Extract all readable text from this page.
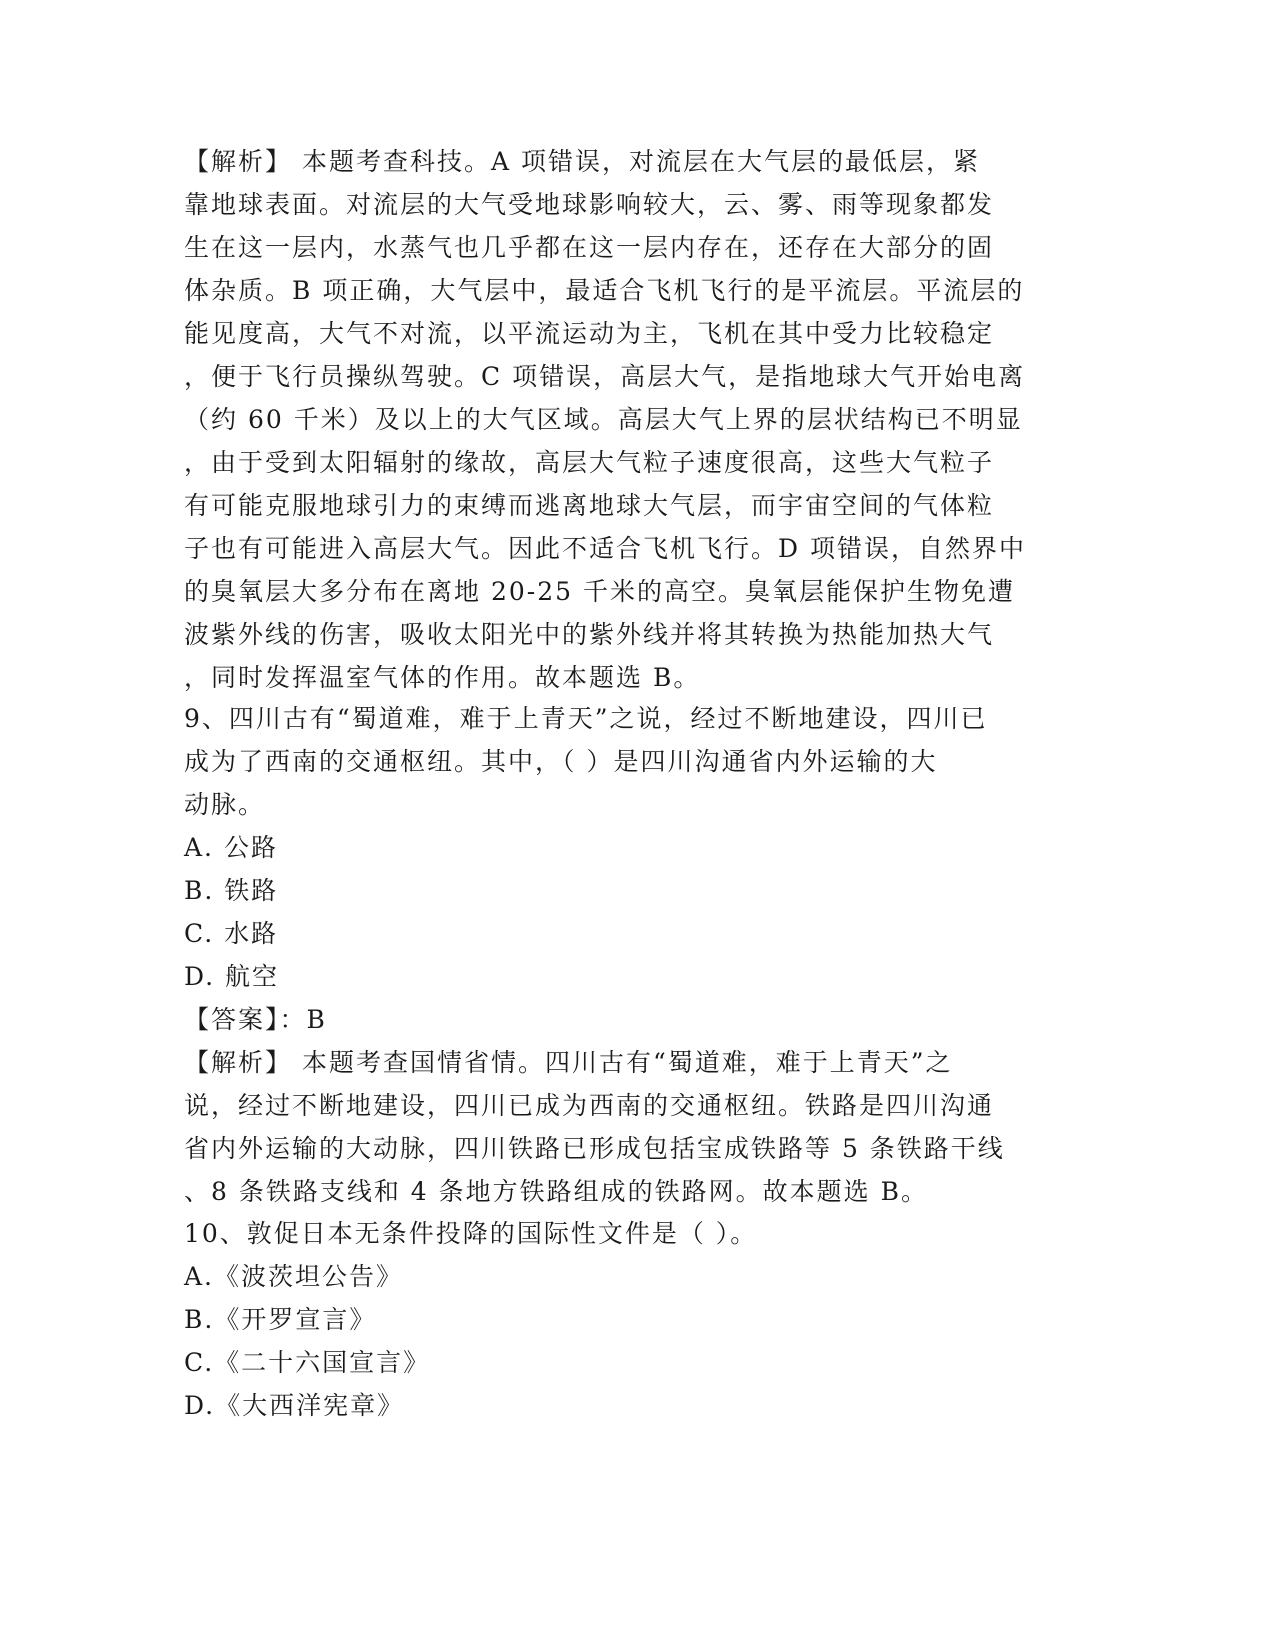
【解析】 本题考查科技。A 项错误，对流层在大气层的最低层，紧
靠地球表面。对流层的大气受地球影响较大，云、雾、雨等现象都发
生在这一层内，水蒸气也几乎都在这一层内存在，还存在大部分的固
体杂质。B 项正确，大气层中，最适合飞机飞行的是平流层。平流层的
能见度高，大气不对流，以平流运动为主，飞机在其中受力比较稳定
，便于飞行员操纵驾驶。C 项错误，高层大气，是指地球大气开始电离
（约 60 千米）及以上的大气区域。高层大气上界的层状结构已不明显
，由于受到太阳辐射的缘故，高层大气粒子速度很高，这些大气粒子
有可能克服地球引力的束缚而逃离地球大气层，而宇宙空间的气体粒
子也有可能进入高层大气。因此不适合飞机飞行。D 项错误，自然界中
的臭氧层大多分布在离地 20-25 千米的高空。臭氧层能保护生物免遭
波紫外线的伤害，吸收太阳光中的紫外线并将其转换为热能加热大气
，同时发挥温室气体的作用。故本题选 B。
9、四川古有“蜀道难，难于上青天”之说，经过不断地建设，四川已
成为了西南的交通枢纽。其中，（ ）是四川沟通省内外运输的大
动脉。
A. 公路
B. 铁路
C. 水路
D. 航空
【答案】：B
【解析】 本题考查国情省情。四川古有“蜀道难，难于上青天”之
说，经过不断地建设，四川已成为西南的交通枢纽。铁路是四川沟通
省内外运输的大动脉，四川铁路已形成包括宝成铁路等 5 条铁路干线
、8 条铁路支线和 4 条地方铁路组成的铁路网。故本题选 B。
10、敦促日本无条件投降的国际性文件是（ ）。
A.《波茨坦公告》
B.《开罗宣言》
C.《二十六国宣言》
D.《大西洋宪章》
